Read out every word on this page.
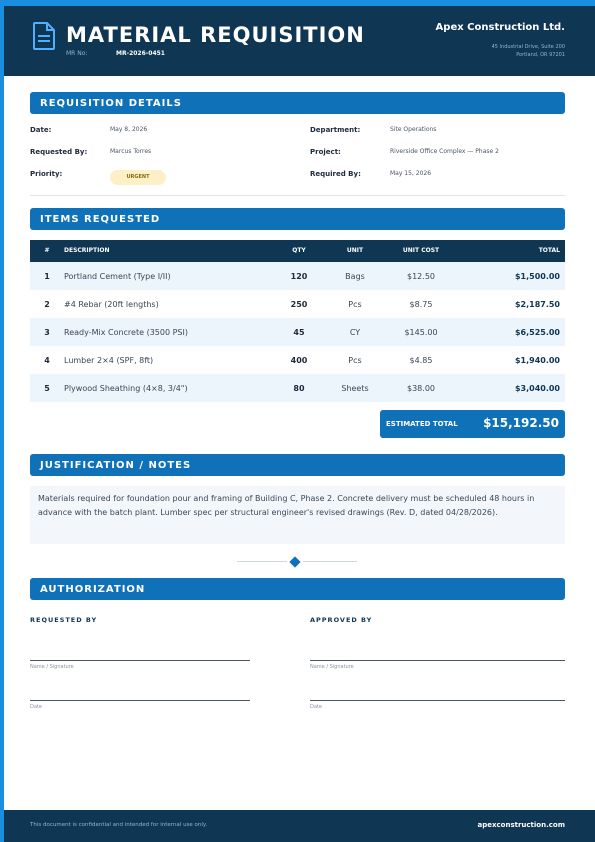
MATERIAL REQUISITION
MR No:	MR-2026-0451
Apex Construction Ltd.
45 Industrial Drive, Suite 200
Portland, OR 97201
REQUISITION DETAILS
Date:	May 8, 2026
Requested By:	Marcus Torres
Priority:	URGENT
Department:	Site Operations
Project:	Riverside Office Complex — Phase 2
Required By:	May 15, 2026
ITEMS REQUESTED
# DESCRIPTION	QTY	UNIT	UNIT COST	TOTAL
1 Portland Cement (Type I/II)	120	Bags	$12.50	$1,500.00
2 #4 Rebar (20ft lengths)	250	Pcs	$8.75	$2,187.50
3 Ready-Mix Concrete (3500 PSI)	45	CY	$145.00	$6,525.00
4 Lumber 2×4 (SPF, 8ft)	400	Pcs	$4.85	$1,940.00
5 Plywood Sheathing (4×8, 3/4")	80	Sheets	$38.00	$3,040.00
ESTIMATED TOTAL $15,192.50
JUSTIFICATION / NOTES
Materials required for foundation pour and framing of Building C, Phase 2. Concrete delivery must be scheduled 48 hours in advance with the batch plant. Lumber spec per structural engineer's revised drawings (Rev. D, dated 04/28/2026).
AUTHORIZATION
REQUESTED BY	APPROVED BY
Name / Signature
Date
Name / Signature
Date
This document is confidential and intended for internal use only.	apexconstruction.com
